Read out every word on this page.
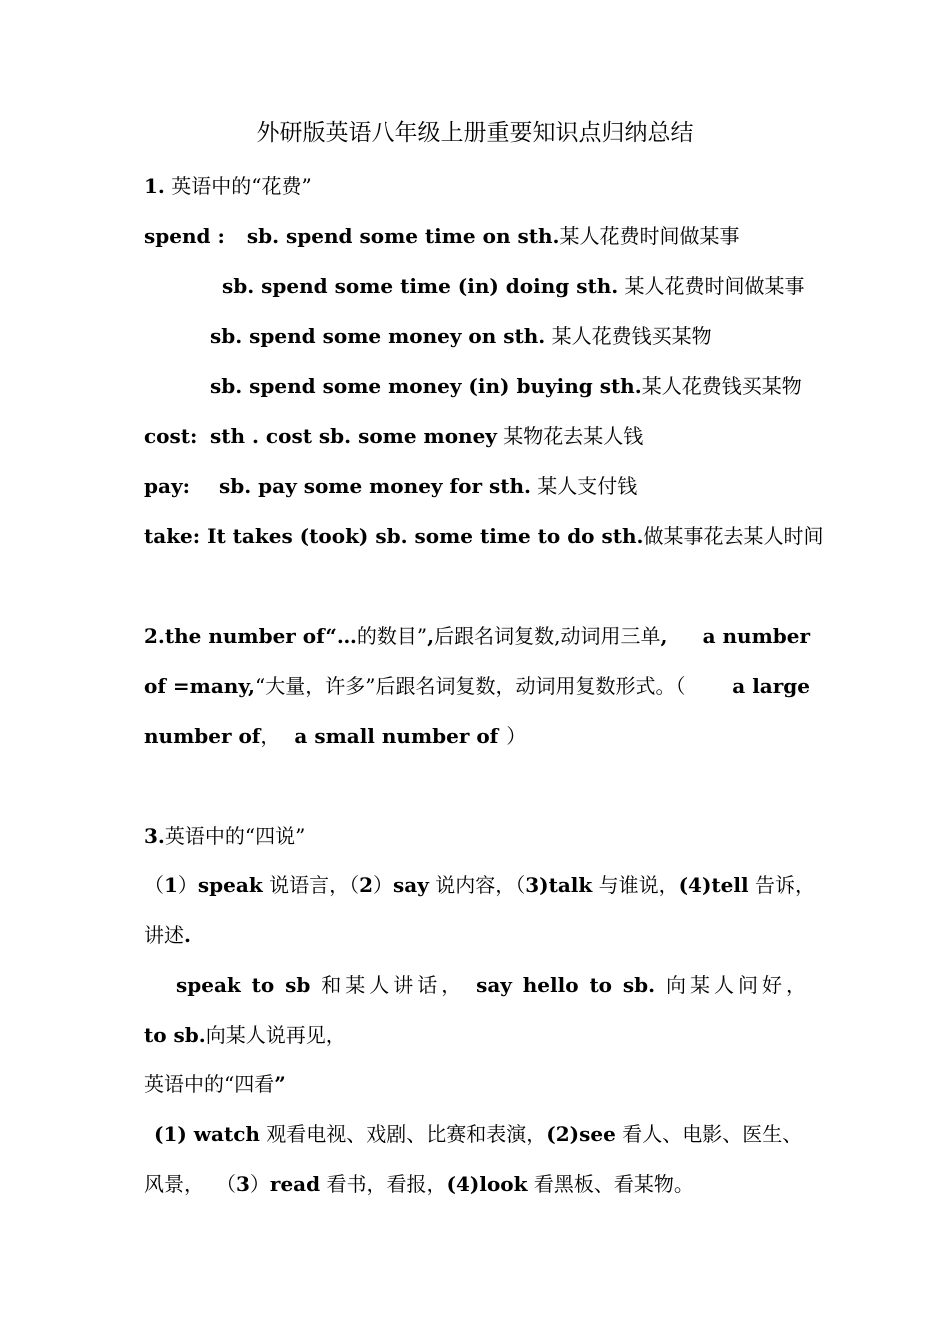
外研版英语八年级上册重要知识点归纳总结
1. 英语中的“花费”
spend : sb. spend some time on sth.某人花费时间做某事
sb. spend some time (in) doing sth. 某人花费时间做某事
sb. spend some money on sth. 某人花费钱买某物
sb. spend some money (in) buying sth.某人花费钱买某物
cost: sth . cost sb. some money 某物花去某人钱
pay: sb. pay some money for sth. 某人支付钱
take: It takes (took) sb. some time to do sth.做某事花去某人时间
2.the number of“…的数目”,后跟名词复数,动词用三单, a number
of =many,“大量，许多”后跟名词复数，动词用复数形式。（ a large
number of， a small number of ）
3.英语中的“四说”
（1）speak 说语言，（2）say 说内容，（3)talk 与谁说，(4)tell 告诉，
讲述.
speak to sb 和某人讲话， say hello to sb. 向某人问好，
to sb.向某人说再见，
英语中的“四看”
(1) watch 观看电视、戏剧、比赛和表演，(2)see 看人、电影、医生、
风景， （3）read 看书，看报，(4)look 看黑板、看某物。
